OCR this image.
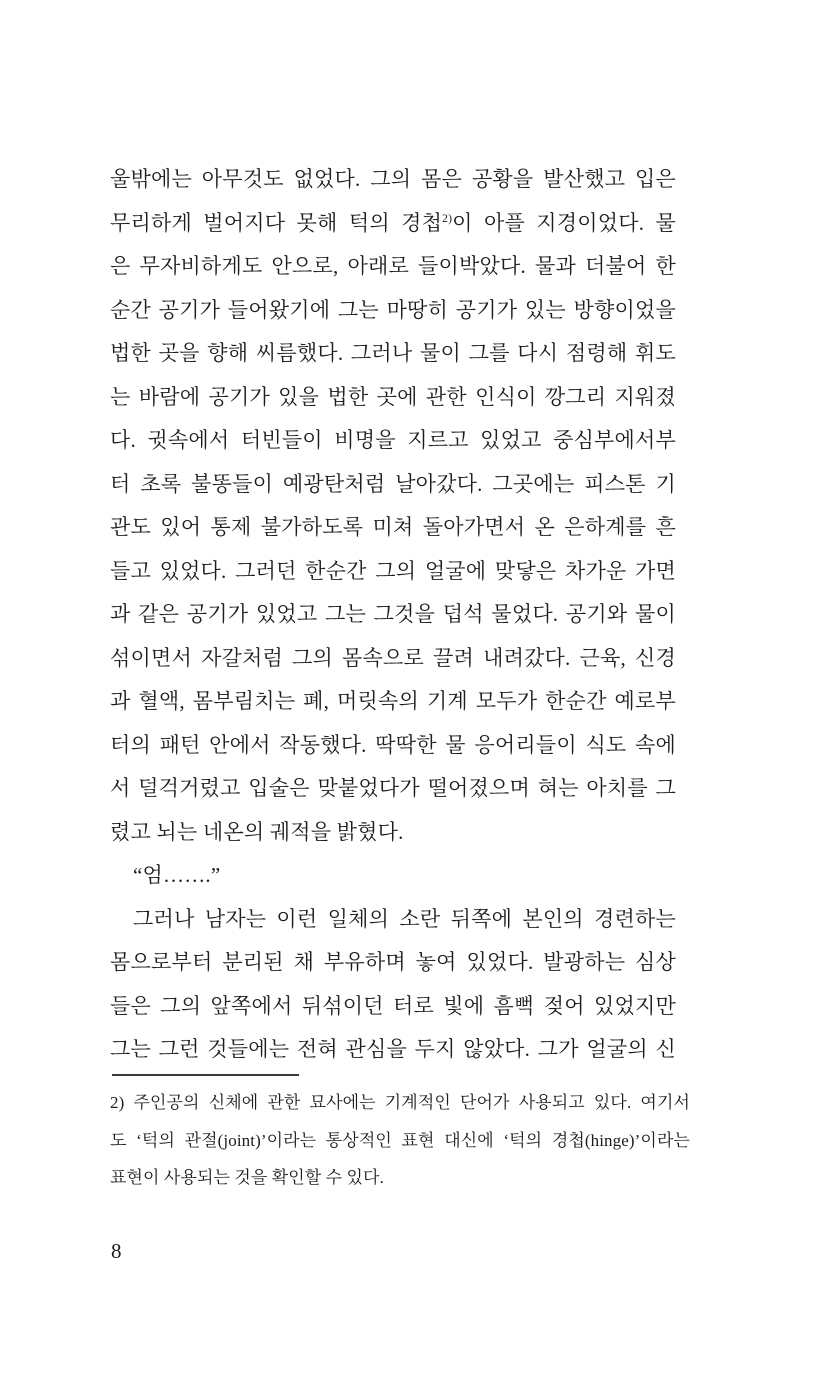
울밖에는 아무것도 없었다. 그의 몸은 공황을 발산했고 입은
무리하게 벌어지다 못해 턱의 경첩$^{2)}$이 아플 지경이었다. 물
은 무자비하게도 안으로, 아래로 들이박았다. 물과 더불어 한
순간 공기가 들어왔기에 그는 마땅히 공기가 있는 방향이었을
법한 곳을 향해 씨름했다. 그러나 물이 그를 다시 점령해 휘도
는 바람에 공기가 있을 법한 곳에 관한 인식이 깡그리 지워졌
다. 귓속에서 터빈들이 비명을 지르고 있었고 중심부에서부
터 초록 불똥들이 예광탄처럼 날아갔다. 그곳에는 피스톤 기
관도 있어 통제 불가하도록 미쳐 돌아가면서 온 은하계를 흔
들고 있었다. 그러던 한순간 그의 얼굴에 맞닿은 차가운 가면
과 같은 공기가 있었고 그는 그것을 덥석 물었다. 공기와 물이
섞이면서 자갈처럼 그의 몸속으로 끌려 내려갔다. 근육, 신경
과 혈액, 몸부림치는 폐, 머릿속의 기계 모두가 한순간 예로부
터의 패턴 안에서 작동했다. 딱딱한 물 응어리들이 식도 속에
서 덜걱거렸고 입술은 맞붙었다가 떨어졌으며 혀는 아치를 그
렸고 뇌는 네온의 궤적을 밝혔다.
“엄…….”
그러나 남자는 이런 일체의 소란 뒤쪽에 본인의 경련하는
몸으로부터 분리된 채 부유하며 놓여 있었다. 발광하는 심상
들은 그의 앞쪽에서 뒤섞이던 터로 빛에 흠뻑 젖어 있었지만
그는 그런 것들에는 전혀 관심을 두지 않았다. 그가 얼굴의 신
2) 주인공의 신체에 관한 묘사에는 기계적인 단어가 사용되고 있다. 여기서
도 ‘턱의 관절(joint)’이라는 통상적인 표현 대신에 ‘턱의 경첩(hinge)’이라는
표현이 사용되는 것을 확인할 수 있다.
8
